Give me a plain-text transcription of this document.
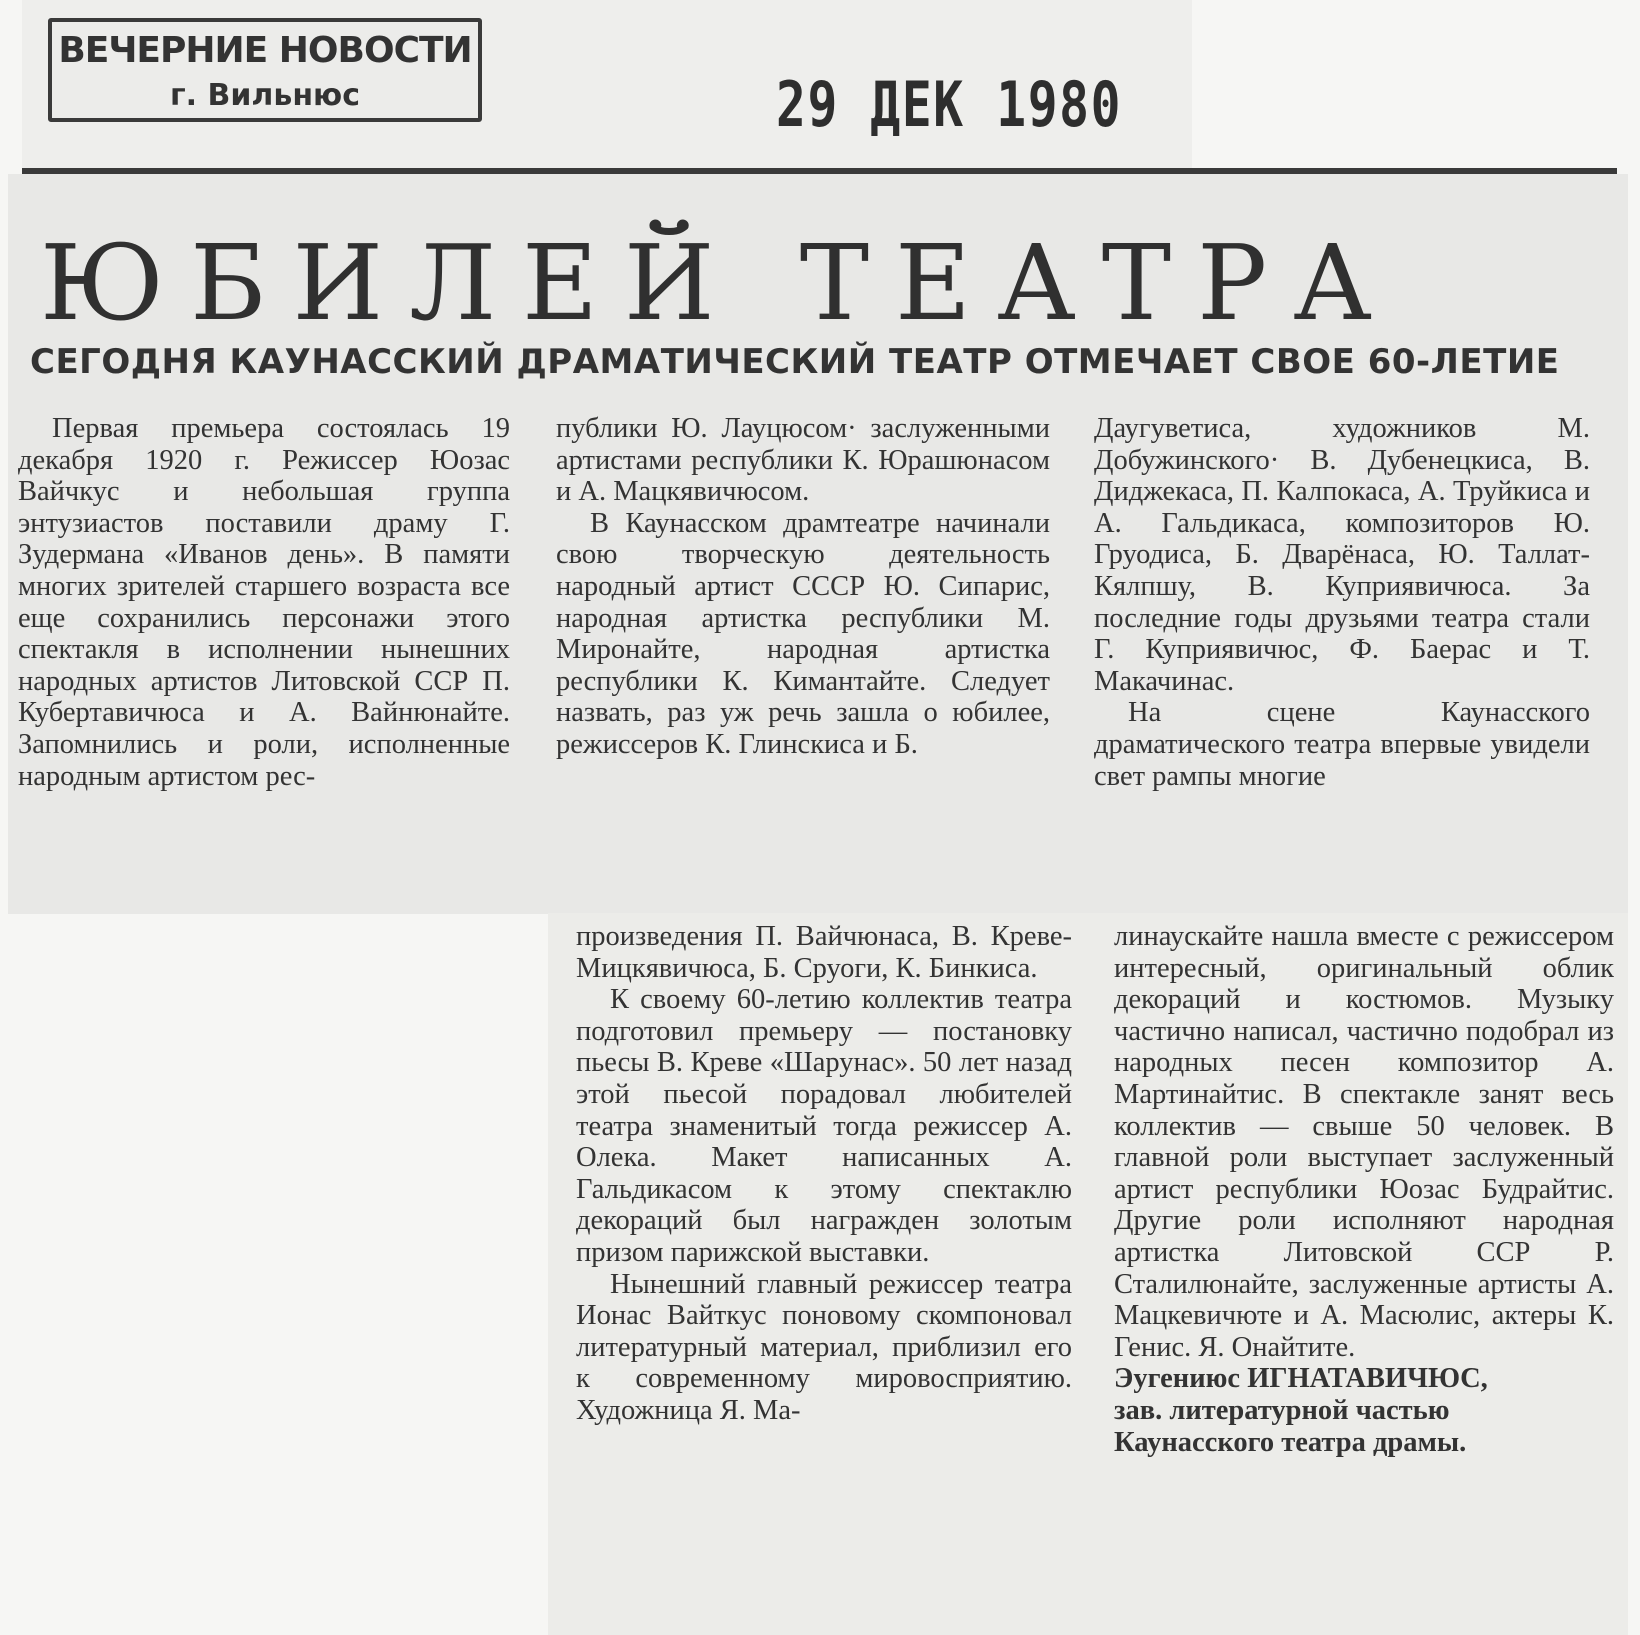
ВЕЧЕРНИЕ НОВОСТИ
г. Вильнюс	29 ДЕК 1980
ЮБИЛЕЙ ТЕАТРА
СЕГОДНЯ КАУНАССКИЙ ДРАМАТИЧЕСКИЙ ТЕАТР ОТМЕЧАЕТ СВОЕ 60-ЛЕТИЕ

Первая премьера состоялась 19 декабря 1920 г. Режиссер Юозас Вайчкус и небольшая группа энтузиастов поставили драму Г. Зудермана «Иванов день». В памяти многих зрителей старшего возраста все еще сохранились персонажи этого спектакля в исполнении нынешних народных артистов Литовской ССР П. Кубертавичюса и А. Вайнюнайте. Запомнились и роли, исполненные народным артистом рес-

публики Ю. Лауцюсом· заслуженными артистами республики К. Юрашюнасом и А. Мацкявичюсом.

В Каунасском драмтеатре начинали свою творческую деятельность народный артист СССР Ю. Сипарис, народная артистка республики М. Миронайте, народная артистка республики К. Кимантайте. Следует назвать, раз уж речь зашла о юбилее, режиссеров К. Глинскиса и Б.

Даугуветиса, художников М. Добужинского· В. Дубенецкиса, В. Диджекаса, П. Калпокаса, А. Труйкиса и А. Гальдикаса, композиторов Ю. Груодиса, Б. Дварёнаса, Ю. Таллат-Кялпшу, В. Куприявичюса. За последние годы друзьями театра стали Г. Куприявичюс, Ф. Баерас и Т. Макачинас.

На сцене Каунасского драматического театра впервые увидели свет рампы многие

произведения П. Вайчюнаса, В. Креве-Мицкявичюса, Б. Сруоги, К. Бинкиса.

К своему 60-летию коллектив театра подготовил премьеру — постановку пьесы В. Креве «Шарунас». 50 лет назад этой пьесой порадовал любителей театра знаменитый тогда режиссер А. Олека. Макет написанных А. Гальдикасом к этому спектаклю декораций был награжден золотым призом парижской выставки.

Нынешний главный режиссер театра Ионас Вайткус поновому скомпоновал литературный материал, приблизил его к современному мировосприятию. Художница Я. Ма-

линаускайте нашла вместе с режиссером интересный, оригинальный облик декораций и костюмов. Музыку частично написал, частично подобрал из народных песен композитор А. Мартинайтис. В спектакле занят весь коллектив — свыше 50 человек. В главной роли выступает заслуженный артист республики Юозас Будрайтис. Другие роли исполняют народная артистка Литовской ССР Р. Сталилюнайте, заслуженные артисты А. Мацкевичюте и А. Масюлис, актеры К. Генис. Я. Онайтите.

Эугениюс ИГНАТАВИЧЮС,
зав. литературной частью
Каунасского театра драмы.
